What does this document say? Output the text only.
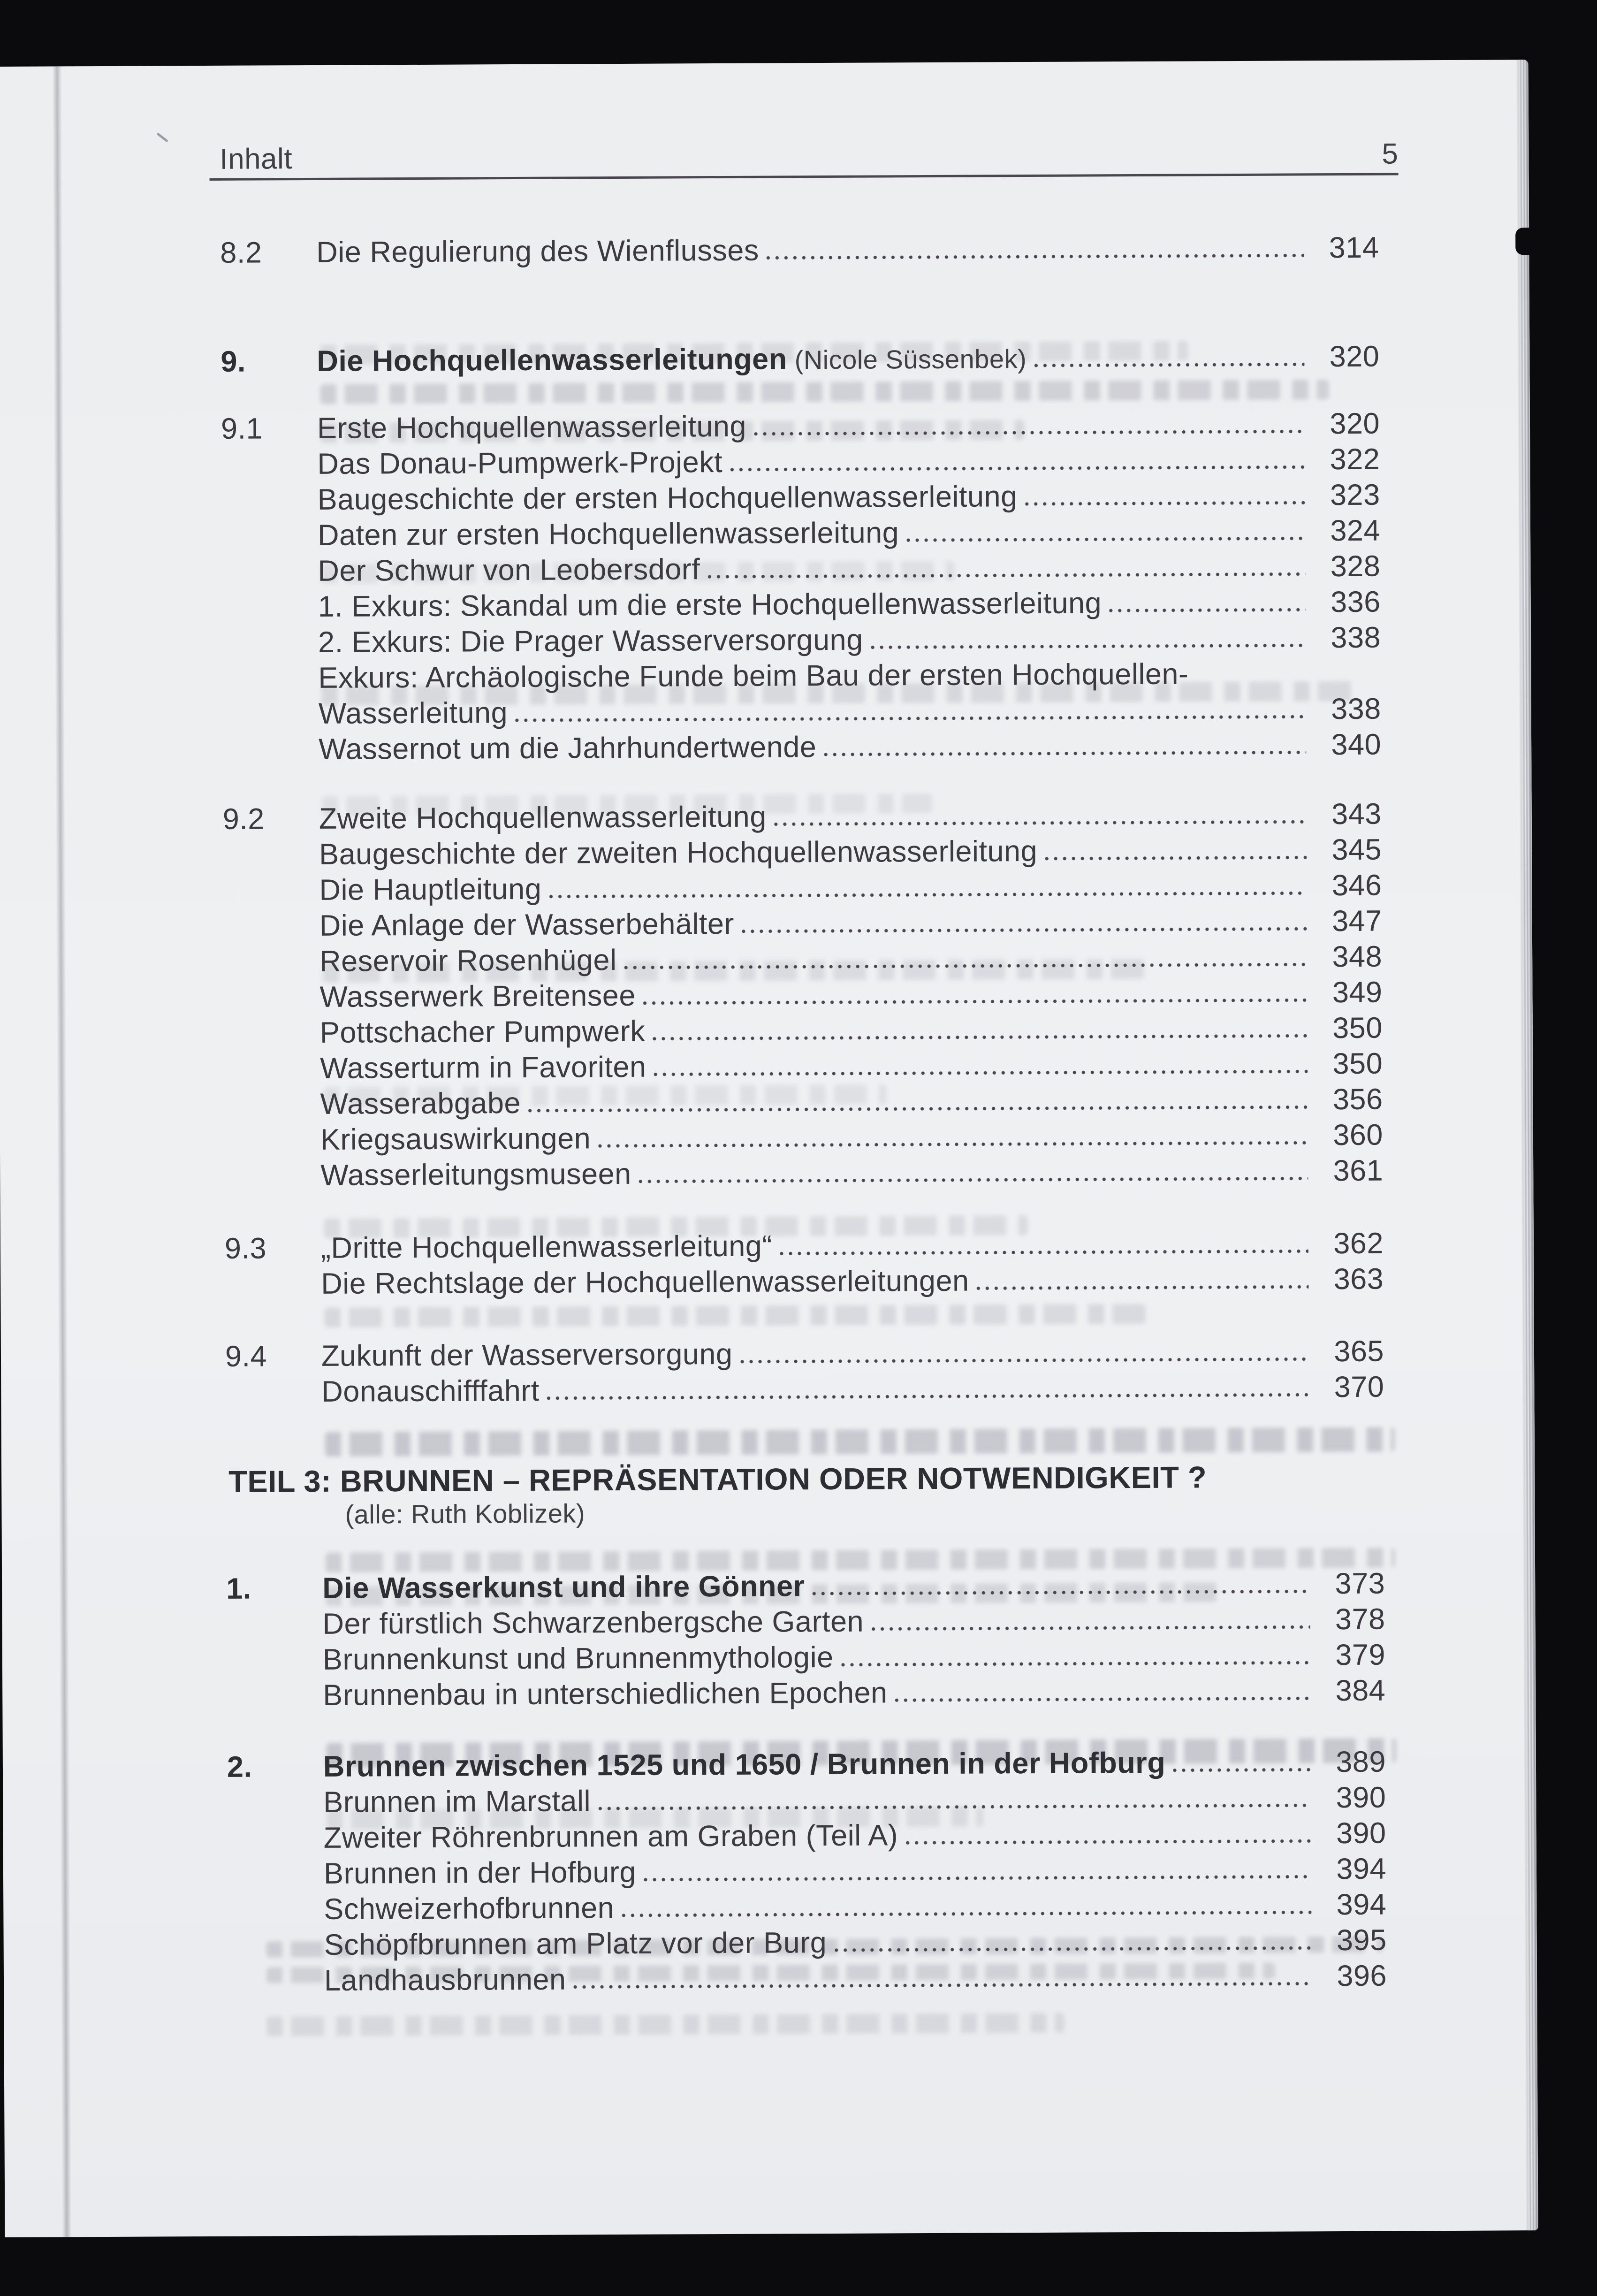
Inhalt	5
8.2	Die Regulierung des Wienflusses	314
9.	Die Hochquellenwasserleitungen (Nicole Süssenbek)	320
9.1	Erste Hochquellenwasserleitung	320
Das Donau-Pumpwerk-Projekt	322
Baugeschichte der ersten Hochquellenwasserleitung	323
Daten zur ersten Hochquellenwasserleitung	324
Der Schwur von Leobersdorf	328
1. Exkurs: Skandal um die erste Hochquellenwasserleitung	336
2. Exkurs: Die Prager Wasserversorgung	338
Exkurs: Archäologische Funde beim Bau der ersten Hochquellen-
Wasserleitung	338
Wassernot um die Jahrhundertwende	340
9.2	Zweite Hochquellenwasserleitung	343
Baugeschichte der zweiten Hochquellenwasserleitung	345
Die Hauptleitung	346
Die Anlage der Wasserbehälter	347
Reservoir Rosenhügel	348
Wasserwerk Breitensee	349
Pottschacher Pumpwerk	350
Wasserturm in Favoriten	350
Wasserabgabe	356
Kriegsauswirkungen	360
Wasserleitungsmuseen	361
9.3	„Dritte Hochquellenwasserleitung“	362
Die Rechtslage der Hochquellenwasserleitungen	363
9.4	Zukunft der Wasserversorgung	365
Donauschifffahrt	370
TEIL 3: BRUNNEN – REPRÄSENTATION ODER NOTWENDIGKEIT ?
(alle: Ruth Koblizek)
1.	Die Wasserkunst und ihre Gönner	373
Der fürstlich Schwarzenbergsche Garten	378
Brunnenkunst und Brunnenmythologie	379
Brunnenbau in unterschiedlichen Epochen	384
2.	Brunnen zwischen 1525 und 1650 / Brunnen in der Hofburg	389
Brunnen im Marstall	390
Zweiter Röhrenbrunnen am Graben (Teil A)	390
Brunnen in der Hofburg	394
Schweizerhofbrunnen	394
Schöpfbrunnen am Platz vor der Burg	395
Landhausbrunnen	396
